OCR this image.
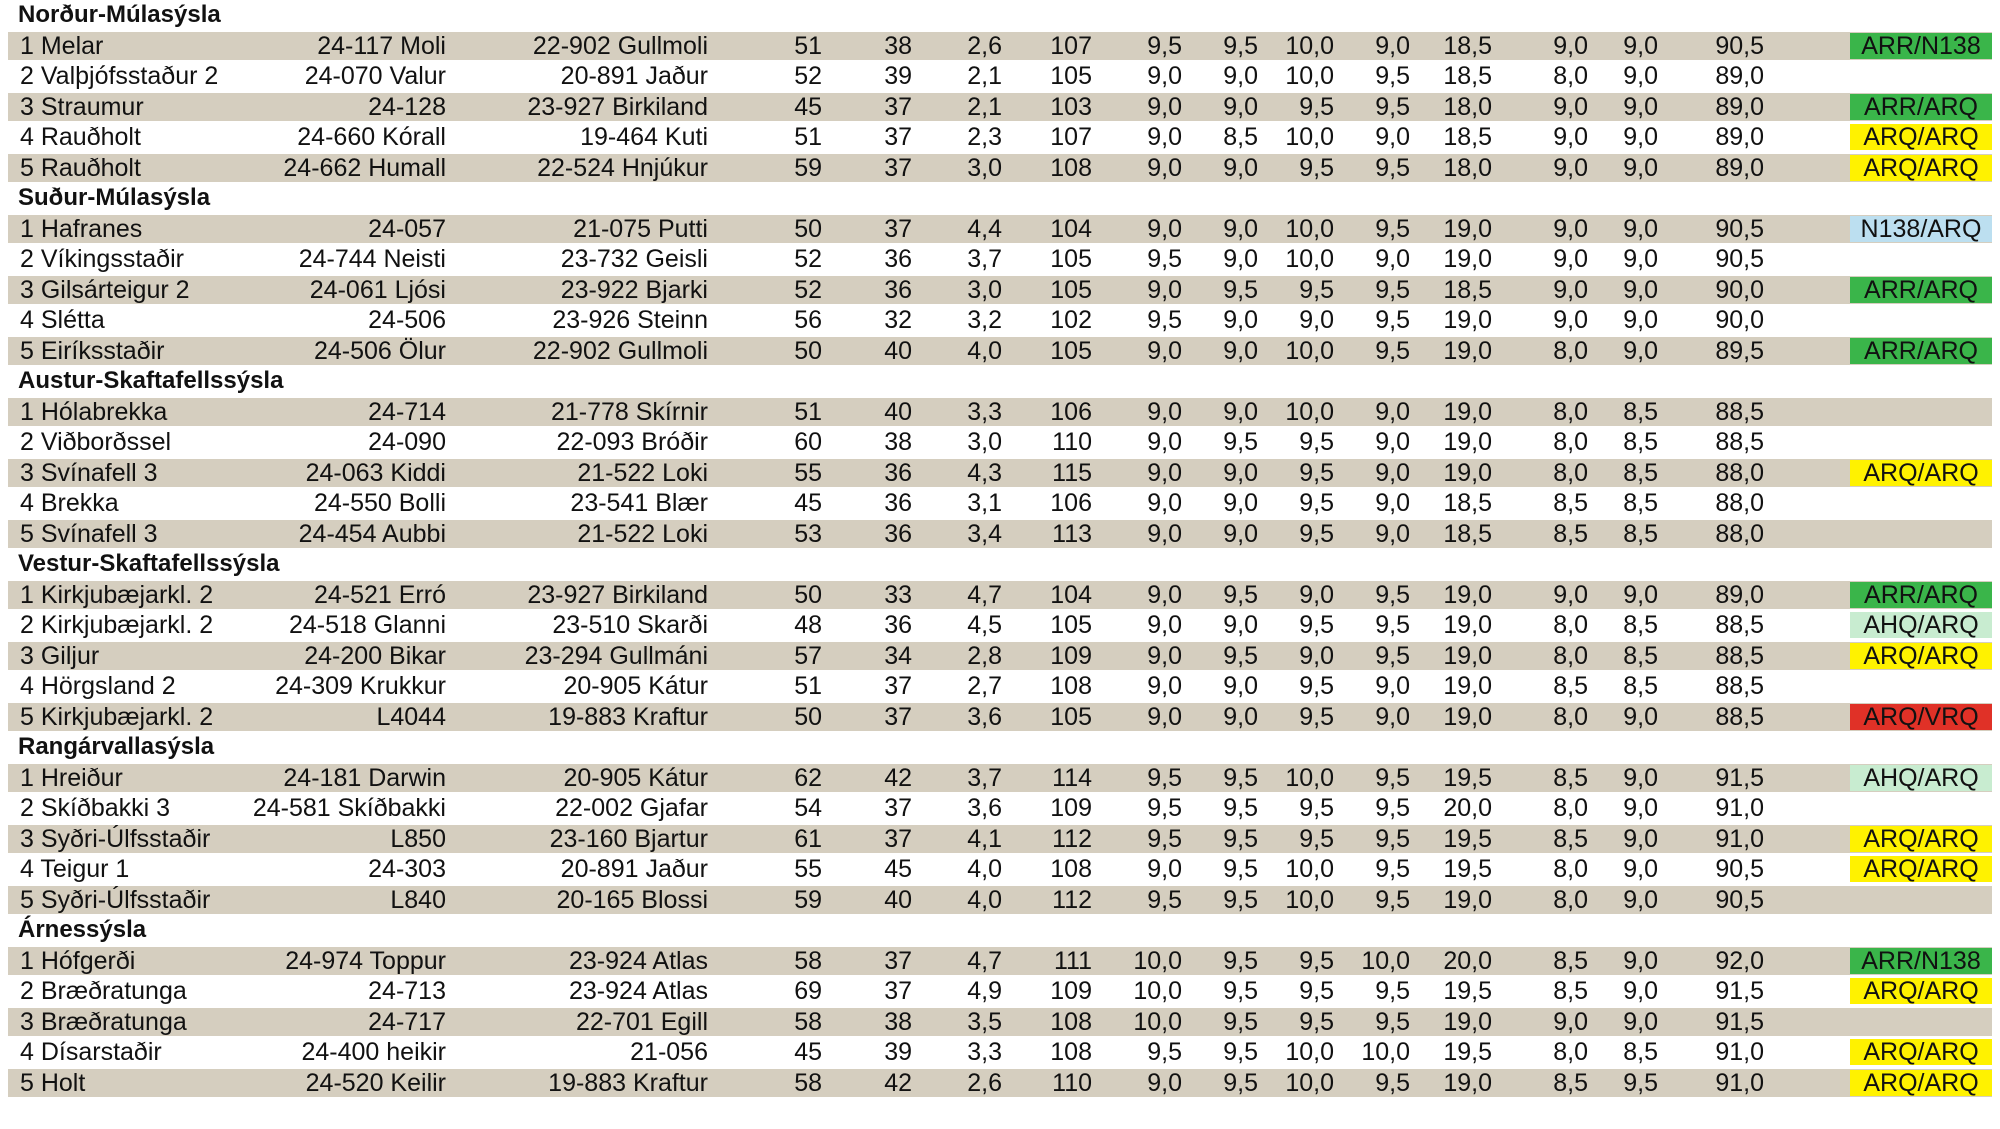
Norður-Múlasýsla
1 Melar	24-117 Moli	22-902 Gullmoli	51	38	2,6	107	9,5	9,5	10,0	9,0	18,5	9,0	9,0	90,5	ARR/N138
2 Valþjófsstaður 2	24-070 Valur	20-891 Jaður	52	39	2,1	105	9,0	9,0	10,0	9,5	18,5	8,0	9,0	89,0
3 Straumur	24-128	23-927 Birkiland	45	37	2,1	103	9,0	9,0	9,5	9,5	18,0	9,0	9,0	89,0	ARR/ARQ
4 Rauðholt	24-660 Kórall	19-464 Kuti	51	37	2,3	107	9,0	8,5	10,0	9,0	18,5	9,0	9,0	89,0	ARQ/ARQ
5 Rauðholt	24-662 Humall	22-524 Hnjúkur	59	37	3,0	108	9,0	9,0	9,5	9,5	18,0	9,0	9,0	89,0	ARQ/ARQ
Suður-Múlasýsla
1 Hafranes	24-057	21-075 Putti	50	37	4,4	104	9,0	9,0	10,0	9,5	19,0	9,0	9,0	90,5	N138/ARQ
2 Víkingsstaðir	24-744 Neisti	23-732 Geisli	52	36	3,7	105	9,5	9,0	10,0	9,0	19,0	9,0	9,0	90,5
3 Gilsárteigur 2	24-061 Ljósi	23-922 Bjarki	52	36	3,0	105	9,0	9,5	9,5	9,5	18,5	9,0	9,0	90,0	ARR/ARQ
4 Slétta	24-506	23-926 Steinn	56	32	3,2	102	9,5	9,0	9,0	9,5	19,0	9,0	9,0	90,0
5 Eiríksstaðir	24-506 Ölur	22-902 Gullmoli	50	40	4,0	105	9,0	9,0	10,0	9,5	19,0	8,0	9,0	89,5	ARR/ARQ
Austur-Skaftafellssýsla
1 Hólabrekka	24-714	21-778 Skírnir	51	40	3,3	106	9,0	9,0	10,0	9,0	19,0	8,0	8,5	88,5
2 Viðborðssel	24-090	22-093 Bróðir	60	38	3,0	110	9,0	9,5	9,5	9,0	19,0	8,0	8,5	88,5
3 Svínafell 3	24-063 Kiddi	21-522 Loki	55	36	4,3	115	9,0	9,0	9,5	9,0	19,0	8,0	8,5	88,0	ARQ/ARQ
4 Brekka	24-550 Bolli	23-541 Blær	45	36	3,1	106	9,0	9,0	9,5	9,0	18,5	8,5	8,5	88,0
5 Svínafell 3	24-454 Aubbi	21-522 Loki	53	36	3,4	113	9,0	9,0	9,5	9,0	18,5	8,5	8,5	88,0
Vestur-Skaftafellssýsla
1 Kirkjubæjarkl. 2	24-521 Erró	23-927 Birkiland	50	33	4,7	104	9,0	9,5	9,0	9,5	19,0	9,0	9,0	89,0	ARR/ARQ
2 Kirkjubæjarkl. 2	24-518 Glanni	23-510 Skarði	48	36	4,5	105	9,0	9,0	9,5	9,5	19,0	8,0	8,5	88,5	AHQ/ARQ
3 Giljur	24-200 Bikar	23-294 Gullmáni	57	34	2,8	109	9,0	9,5	9,0	9,5	19,0	8,0	8,5	88,5	ARQ/ARQ
4 Hörgsland 2	24-309 Krukkur	20-905 Kátur	51	37	2,7	108	9,0	9,0	9,5	9,0	19,0	8,5	8,5	88,5
5 Kirkjubæjarkl. 2	L4044	19-883 Kraftur	50	37	3,6	105	9,0	9,0	9,5	9,0	19,0	8,0	9,0	88,5	ARQ/VRQ
Rangárvallasýsla
1 Hreiður	24-181 Darwin	20-905 Kátur	62	42	3,7	114	9,5	9,5	10,0	9,5	19,5	8,5	9,0	91,5	AHQ/ARQ
2 Skíðbakki 3	24-581 Skíðbakki	22-002 Gjafar	54	37	3,6	109	9,5	9,5	9,5	9,5	20,0	8,0	9,0	91,0
3 Syðri-Úlfsstaðir	L850	23-160 Bjartur	61	37	4,1	112	9,5	9,5	9,5	9,5	19,5	8,5	9,0	91,0	ARQ/ARQ
4 Teigur 1	24-303	20-891 Jaður	55	45	4,0	108	9,0	9,5	10,0	9,5	19,5	8,0	9,0	90,5	ARQ/ARQ
5 Syðri-Úlfsstaðir	L840	20-165 Blossi	59	40	4,0	112	9,5	9,5	10,0	9,5	19,0	8,0	9,0	90,5
Árnessýsla
1 Hófgerði	24-974 Toppur	23-924 Atlas	58	37	4,7	111	10,0	9,5	9,5	10,0	20,0	8,5	9,0	92,0	ARR/N138
2 Bræðratunga	24-713	23-924 Atlas	69	37	4,9	109	10,0	9,5	9,5	9,5	19,5	8,5	9,0	91,5	ARQ/ARQ
3 Bræðratunga	24-717	22-701 Egill	58	38	3,5	108	10,0	9,5	9,5	9,5	19,0	9,0	9,0	91,5
4 Dísarstaðir	24-400 heikir	21-056	45	39	3,3	108	9,5	9,5	10,0	10,0	19,5	8,0	8,5	91,0	ARQ/ARQ
5 Holt	24-520 Keilir	19-883 Kraftur	58	42	2,6	110	9,0	9,5	10,0	9,5	19,0	8,5	9,5	91,0	ARQ/ARQ
